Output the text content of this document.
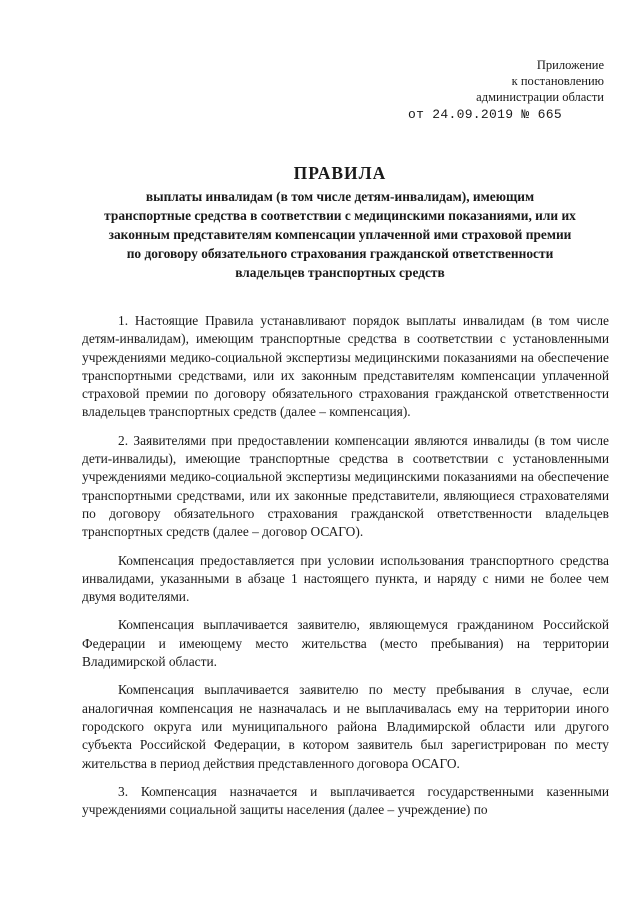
Приложение
к постановлению
администрации области
от 24.09.2019 № 665
ПРАВИЛА
выплаты инвалидам (в том числе детям-инвалидам), имеющим
транспортные средства в соответствии с медицинскими показаниями, или их
законным представителям компенсации уплаченной ими страховой премии
по договору обязательного страхования гражданской ответственности
владельцев транспортных средств

1. Настоящие Правила устанавливают порядок выплаты инвалидам (в том числе детям-инвалидам), имеющим транспортные средства в соответствии с установленными учреждениями медико-социальной экспертизы медицинскими показаниями на обеспечение транспортными средствами, или их законным представителям компенсации уплаченной страховой премии по договору обязательного страхования гражданской ответственности владельцев транспортных средств (далее – компенсация).

2. Заявителями при предоставлении компенсации являются инвалиды (в том числе дети-инвалиды), имеющие транспортные средства в соответствии с установленными учреждениями медико-социальной экспертизы медицинскими показаниями на обеспечение транспортными средствами, или их законные представители, являющиеся страхователями по договору обязательного страхования гражданской ответственности владельцев транспортных средств (далее – договор ОСАГО).

Компенсация предоставляется при условии использования транспортного средства инвалидами, указанными в абзаце 1 настоящего пункта, и наряду с ними не более чем двумя водителями.

Компенсация выплачивается заявителю, являющемуся гражданином Российской Федерации и имеющему место жительства (место пребывания) на территории Владимирской области.

Компенсация выплачивается заявителю по месту пребывания в случае, если аналогичная компенсация не назначалась и не выплачивалась ему на территории иного городского округа или муниципального района Владимирской области или другого субъекта Российской Федерации, в котором заявитель был зарегистрирован по месту жительства в период действия представленного договора ОСАГО.

3. Компенсация назначается и выплачивается государственными казенными учреждениями социальной защиты населения (далее – учреждение) по
